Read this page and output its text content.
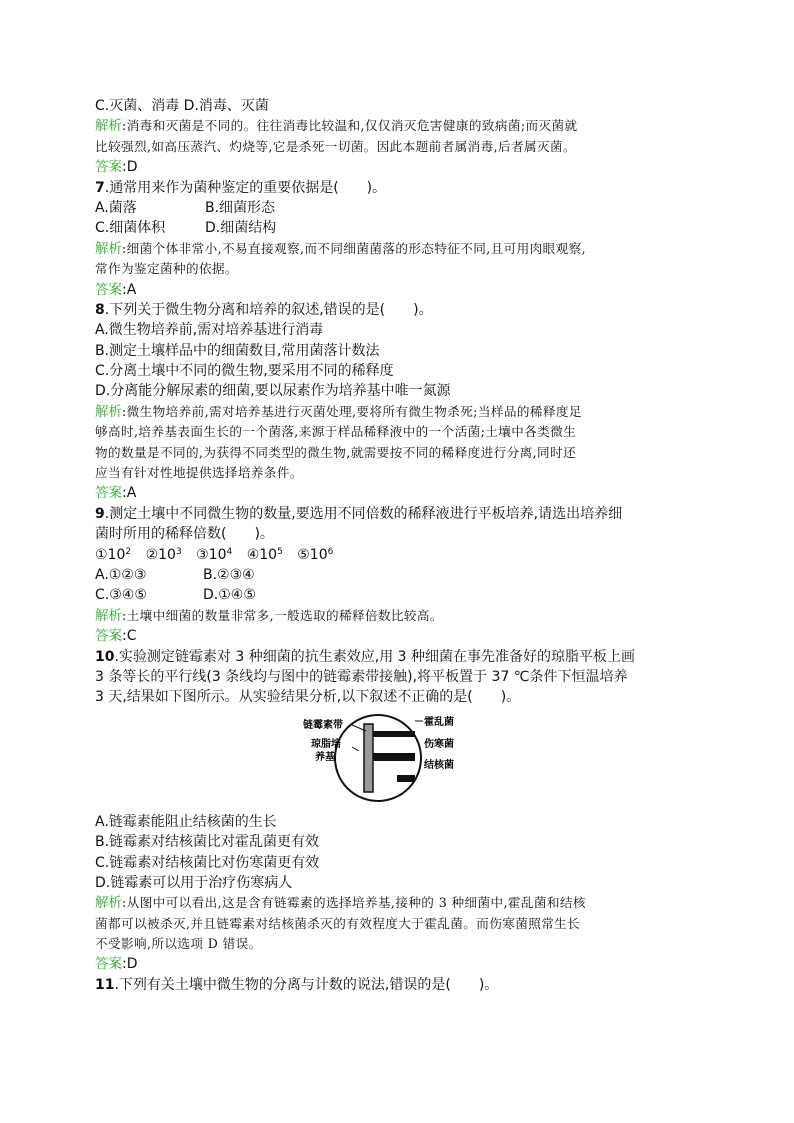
C.灭菌、消毒 D.消毒、灭菌
解析:消毒和灭菌是不同的。往往消毒比较温和,仅仅消灭危害健康的致病菌;而灭菌就
比较强烈,如高压蒸汽、灼烧等,它是杀死一切菌。因此本题前者属消毒,后者属灭菌。
答案:D
7.通常用来作为菌种鉴定的重要依据是(　　)。
A.菌落	B.细菌形态
C.细菌体积	D.细菌结构
解析:细菌个体非常小,不易直接观察,而不同细菌菌落的形态特征不同,且可用肉眼观察,
常作为鉴定菌种的依据。
答案:A
8.下列关于微生物分离和培养的叙述,错误的是(　　)。
A.微生物培养前,需对培养基进行消毒
B.测定土壤样品中的细菌数目,常用菌落计数法
C.分离土壤中不同的微生物,要采用不同的稀释度
D.分离能分解尿素的细菌,要以尿素作为培养基中唯一氮源
解析:微生物培养前,需对培养基进行灭菌处理,要将所有微生物杀死;当样品的稀释度足
够高时,培养基表面生长的一个菌落,来源于样品稀释液中的一个活菌;土壤中各类微生
物的数量是不同的,为获得不同类型的微生物,就需要按不同的稀释度进行分离,同时还
应当有针对性地提供选择培养条件。
答案:A
9.测定土壤中不同微生物的数量,要选用不同倍数的稀释液进行平板培养,请选出培养细
菌时所用的稀释倍数(　　)。
$①10^2$ $②10^3$ $③10^4$ $④10^5$ $⑤10^6$
A.①②③	B.②③④
C.③④⑤	D.①④⑤
解析:土壤中细菌的数量非常多,一般选取的稀释倍数比较高。
答案:C
10.实验测定链霉素对 3 种细菌的抗生素效应,用 3 种细菌在事先准备好的琼脂平板上画
3 条等长的平行线(3 条线均与图中的链霉素带接触),将平板置于 37 ℃条件下恒温培养
3 天,结果如下图所示。从实验结果分析,以下叙述不正确的是(　　)。
链霉素带
琼脂培
养基
霍乱菌
伤寒菌
结核菌
A.链霉素能阻止结核菌的生长
B.链霉素对结核菌比对霍乱菌更有效
C.链霉素对结核菌比对伤寒菌更有效
D.链霉素可以用于治疗伤寒病人
解析:从图中可以看出,这是含有链霉素的选择培养基,接种的 3 种细菌中,霍乱菌和结核
菌都可以被杀灭,并且链霉素对结核菌杀灭的有效程度大于霍乱菌。而伤寒菌照常生长
不受影响,所以选项 D 错误。
答案:D
11.下列有关土壤中微生物的分离与计数的说法,错误的是(　　)。
